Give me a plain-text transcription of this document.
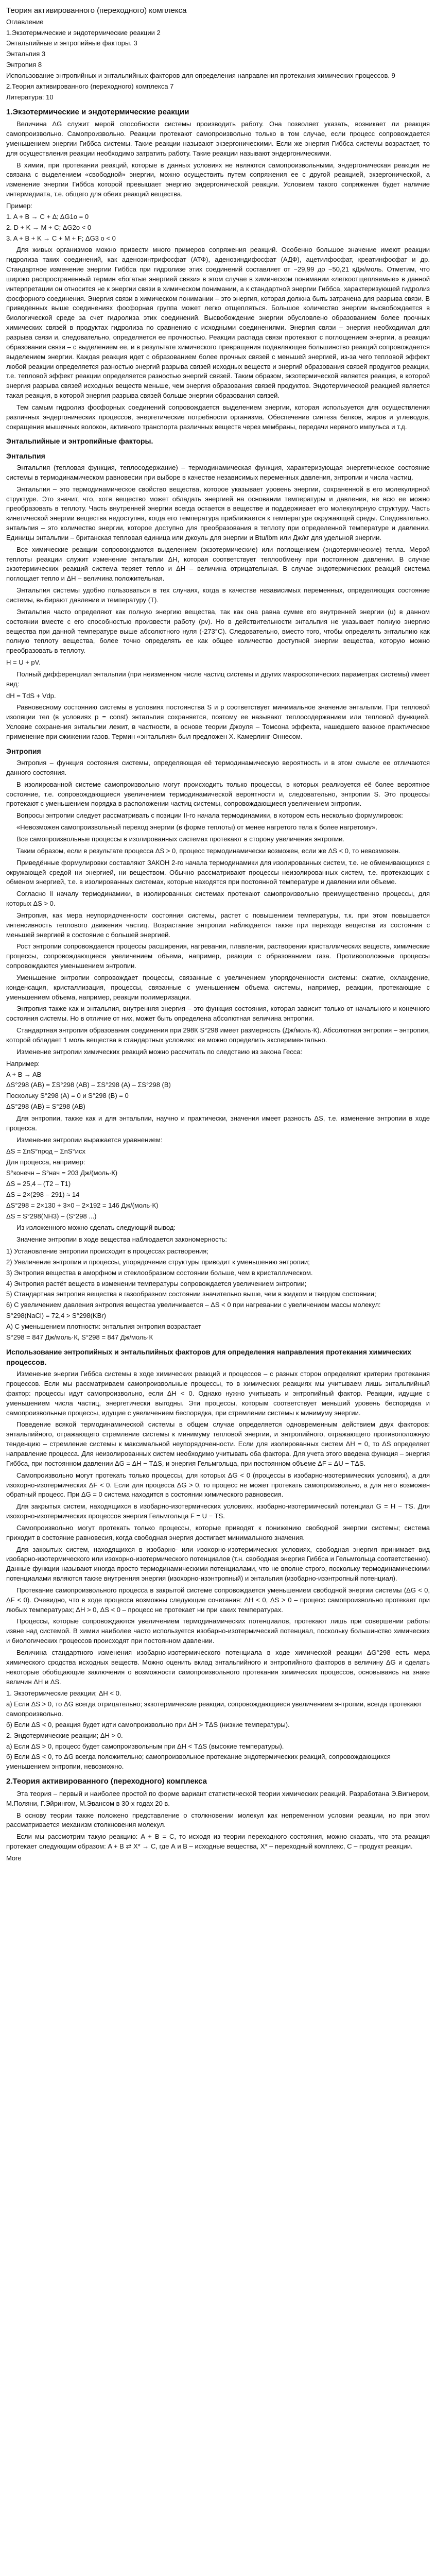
Теория активированного (переходного) комплекса
Оглавление
1.Экзотермические и эндотермические реакции 2
Энтальпийные и энтропийные факторы. 3
Энтальпия 3
Энтропия 8
Использование энтропийных и энтальпийных факторов для определения направления протекания химических процессов. 9
2.Теория активированного (переходного) комплекса 7
Литература: 10
1.Экзотермические и эндотермические реакции

Величина ΔG служит мерой способности системы производить работу. Она позволяет указать, возникает ли реакция самопроизвольно. Самопроизвольно. Реакции протекают самопроизвольно только в том случае, если процесс сопровождается уменьшением энергии Гиббса системы. Такие реакции называют экзергоническими. Если же энергия Гиббса системы возрастает, то для осуществления реакции необходимо затратить работу. Такие реакции называют эндергоническими.

В химии, при протекании реакций, которые в данных условиях не являются самопроизвольными, эндергоническая реакция не связана с выделением «свободной» энергии, можно осуществить путем сопряжения ее с другой реакцией, экзергонической, а изменение энергии Гиббса которой превышает энергию эндергонической реакции. Условием такого сопряжения будет наличие интермедиата, т.е. общего для обеих реакций вещества.

Пример:
1. A + B → C + Δ; ΔG1o = 0
2. D + K → M + C; ΔG2o < 0
3. A + B + K → C + M + F; ΔG3 o < 0

Для живых организмов можно привести много примеров сопряжения реакций. Особенно большое значение имеют реакции гидролиза таких соединений, как аденозинтрифосфат (АТФ), аденозиндифосфат (АДФ), ацетилфосфат, креатинфосфат и др. Стандартное изменение энергии Гиббса при гидролизе этих соединений составляет от −29,99 до −50,21 кДж/моль. Отметим, что широко распространенный термин «богатые энергией связи» в этом случае в химическом понимании «легкоотщепляемые» в данной интерпретации он относится не к энергии связи в химическом понимании, а к стандартной энергии Гиббса, характеризующей гидролиз фосфорного соединения. Энергия связи в химическом понимании – это энергия, которая должна быть затрачена для разрыва связи. В приведенных выше соединениях фосфорная группа может легко отщепляться. Большое количество энергии высвобождается в биологической среде за счет гидролиза этих соединений. Высвобождение энергии обусловлено образованием более прочных химических связей в продуктах гидролиза по сравнению с исходными соединениями. Энергия связи – энергия необходимая для разрыва связи и, следовательно, определяется ее прочностью. Реакции распада связи протекают с поглощением энергии, а реакции образования связи – с выделением ее, и в результате химического превращения подавляющее большинство реакций сопровождается выделением энергии. Каждая реакция идет с образованием более прочных связей с меньшей энергией, из-за чего тепловой эффект любой реакции определяется разностью энергий разрыва связей исходных веществ и энергий образования связей продуктов реакции, т.е. тепловой эффект реакции определяется разностью энергий связей. Таким образом, экзотермической является реакция, в которой энергия разрыва связей исходных веществ меньше, чем энергия образования связей продуктов. Эндотермической реакцией является такая реакция, в которой энергия разрыва связей больше энергии образования связей.

Тем самым гидролиз фосфорных соединений сопровождается выделением энергии, которая используется для осуществления различных эндергонических процессов, энергетические потребности организма. Обеспечение синтеза белков, жиров и углеводов, сокращения мышечных волокон, активного транспорта различных веществ через мембраны, передачи нервного импульса и т.д.

Энтальпийные и энтропийные факторы.
Энтальпия

Энтальпия (тепловая функция, теплосодержание) – термодинамическая функция, характеризующая энергетическое состояние системы в термодинамическом равновесии при выборе в качестве независимых переменных давления, энтропии и числа частиц.

Энтальпия – это термодинамическое свойство вещества, которое указывает уровень энергии, сохраненной в его молекулярной структуре. Это значит, что, хотя вещество может обладать энергией на основании температуры и давления, не всю ее можно преобразовать в теплоту. Часть внутренней энергии всегда остается в веществе и поддерживает его молекулярную структуру. Часть кинетической энергии вещества недоступна, когда его температура приближается к температуре окружающей среды. Следовательно, энтальпия – это количество энергии, которое доступно для преобразования в теплоту при определенной температуре и давлении. Единицы энтальпии – британская тепловая единица или джоуль для энергии и Btu/lbm или Дж/кг для удельной энергии.

Все химические реакции сопровождаются выделением (экзотермические) или поглощением (эндотермические) тепла. Мерой теплоты реакции служит изменение энтальпии ΔН, которая соответствует теплообмену при постоянном давлении. В случае экзотермических реакций система теряет тепло и ΔН – величина отрицательная. В случае эндотермических реакций система поглощает тепло и ΔН – величина положительная.

Энтальпия системы удобно пользоваться в тех случаях, когда в качестве независимых переменных, определяющих состояние системы, выбирают давление и температуру (Т).

Энтальпия часто определяют как полную энергию вещества, так как она равна сумме его внутренней энергии (u) в данном состоянии вместе с его способностью произвести работу (pv). Но в действительности энтальпия не указывает полную энергию вещества при данной температуре выше абсолютного нуля (-273°С). Следовательно, вместо того, чтобы определять энтальпию как полную теплоту вещества, более точно определять ее как общее количество доступной энергии вещества, которую можно преобразовать в теплоту.

H = U + pV.

Полный дифференциал энтальпии (при неизменном числе частиц системы и других макроскопических параметрах системы) имеет вид:

dH = TdS + Vdp.

Равновесному состоянию системы в условиях постоянства S и р соответствует минимальное значение энтальпии. При тепловой изоляции тел (в условиях р = const) энтальпия сохраняется, поэтому ее называют теплосодержанием или тепловой функцией. Условие сохранения энтальпии лежит, в частности, в основе теории Джоуля – Томсона эффекта, нашедшего важное практическое применение при сжижении газов. Термин «энтальпия» был предложен Х. Камерлинг-Оннесом.

Энтропия

Энтропия – функция состояния системы, определяющая её термодинамическую вероятность и в этом смысле ее отличаются данного состояния.

В изолированной системе самопроизвольно могут происходить только процессы, в которых реализуется её более вероятное состояние, т.е. сопровождающиеся увеличением термодинамической вероятности и, следовательно, энтропии S. Это процессы протекают с уменьшением порядка в расположении частиц системы, сопровождающиеся увеличением энтропии.

Вопросы энтропии следует рассматривать с позиции II-го начала термодинамики, в котором есть несколько формулировок:

«Невозможен самопроизвольный переход энергии (в форме теплоты) от менее нагретого тела к более нагретому».

Все самопроизвольные процессы в изолированных системах протекают в сторону увеличения энтропии.

Таким образом, если в результате процесса ΔS > 0, процесс термодинамически возможен, если же ΔS < 0, то невозможен.

Приведённые формулировки составляют ЗАКОН 2-го начала термодинамики для изолированных систем, т.е. не обменивающихся с окружающей средой ни энергией, ни веществом. Обычно рассматривают процессы неизолированных систем, т.е. протекающих с обменом энергией, т.е. в изолированных системах, которые находятся при постоянной температуре и давлении или объеме.

Согласно II началу термодинамики, в изолированных системах протекают самопроизвольно преимущественно процессы, для которых ΔS > 0.

Энтропия, как мера неупорядоченности состояния системы, растет с повышением температуры, т.к. при этом повышается интенсивность теплового движения частиц. Возрастание энтропии наблюдается также при переходе вещества из состояния с меньшей энергией в состояние с большей энергией.

Рост энтропии сопровождается процессы расширения, нагревания, плавления, растворения кристаллических веществ, химические процессы, сопровождающиеся увеличением объема, например, реакции с образованием газа. Противоположные процессы сопровождаются уменьшением энтропии.

Уменьшение энтропии сопровождает процессы, связанные с увеличением упорядоченности системы: сжатие, охлаждение, конденсация, кристаллизация, процессы, связанные с уменьшением объема системы, например, реакции, протекающие с уменьшением объема, например, реакции полимеризации.

Энтропия также как и энтальпия, внутренняя энергия – это функция состояния, которая зависит только от начального и конечного состояния системы. Но в отличие от них, может быть определена абсолютная величина энтропии.

Стандартная энтропия образования соединения при 298К S°298 имеет размерность (Дж/моль·К). Абсолютная энтропия – энтропия, которой обладает 1 моль вещества в стандартных условиях: ее можно определить экспериментально.

Изменение энтропии химических реакций можно рассчитать по следствию из закона Гесса:

Например:
A + B → AB
ΔS°298 (AB) = ΣS°298 (AB) – ΣS°298 (A) – ΣS°298 (B)
Поскольку S°298 (А) = 0 и S°298 (В) = 0
ΔS°298 (AB) = S°298 (AB)

Для энтропии, также как и для энтальпии, научно и практически, значения имеет разность ΔS, т.е. изменение энтропии в ходе процесса.

Изменение энтропии выражается уравнением:

ΔS = ΣnS°прод – ΣnS°исх
Для процесса, например:
S°конечн – S°нач = 203 Дж/(моль·К)
ΔS = 25,4 – (T2 – T1)
ΔS = 2×(298 – 291) ≈ 14
ΔS°298 = 2×130 + 3×0 – 2×192 = 146 Дж/(моль·К)
ΔS = S°298(NH3) – (S°298 ...)

Из изложенного можно сделать следующий вывод:

Значение энтропии в ходе вещества наблюдается закономерность:

1) Установление энтропии происходит в процессах растворения;
2) Увеличение энтропии и процессы, упорядочение структуры приводит к уменьшению энтропии;
3) Энтропия вещества в аморфном и стеклообразном состоянии больше, чем в кристаллическом.
4) Энтропия растёт веществ в изменении температуры сопровождается увеличением энтропии;
5) Стандартная энтропия вещества в газообразном состоянии значительно выше, чем в жидком и твердом состоянии;
6) С увеличением давления энтропия вещества увеличивается – ΔS < 0 при нагревании с увеличением массы молекул:
S°298(NaCl) = 72,4 > S°298(KBr)
А) С уменьшением плотности: энтальпия энтропия возрастает
S°298 = 847 Дж/моль·К, S°298 = 847 Дж/моль·К
Использование энтропийных и энтальпийных факторов для определения направления протекания химических процессов.

Изменение энергии Гиббса системы в ходе химических реакций и процессов – с разных сторон определяют критерии протекания процессов. Если мы рассматриваем самопроизвольные процессы, то в химических реакциях мы учитываем лишь энтальпийный фактор: процессы идут самопроизвольно, если ΔН < 0. Однако нужно учитывать и энтропийный фактор. Реакции, идущие с уменьшением числа частиц, энергетически выгодны. Эти процессы, которым соответствует меньший уровень беспорядка и самопроизвольные процессы, идущие с увеличением беспорядка, при стремлении системы к минимуму энергии.

Поведение всякой термодинамической системы в общем случае определяется одновременным действием двух факторов: энтальпийного, отражающего стремление системы к минимуму тепловой энергии, и энтропийного, отражающего противоположную тенденцию – стремление системы к максимальной неупорядоченности. Если для изолированных систем ΔН = 0, то ΔS определяет направление процесса. Для неизолированных систем необходимо учитывать оба фактора. Для учета этого введена функция – энергия Гиббса, при постоянном давлении ΔG = ΔН − TΔS, и энергия Гельмгольца, при постоянном объеме ΔF = ΔU − TΔS.

Самопроизвольно могут протекать только процессы, для которых ΔG < 0 (процессы в изобарно-изотермических условиях), а для изохорно-изотермических ΔF < 0. Если для процесса ΔG > 0, то процесс не может протекать самопроизвольно, а для него возможен обратный процесс. При ΔG = 0 система находится в состоянии химического равновесия.

Для закрытых систем, находящихся в изобарно-изотермических условиях, изобарно-изотермический потенциал G = H − TS. Для изохорно-изотермических процессов энергия Гельмгольца F = U − TS.

Самопроизвольно могут протекать только процессы, которые приводят к понижению свободной энергии системы; система приходит в состояние равновесия, когда свободная энергия достигает минимального значения.

Для закрытых систем, находящихся в изобарно- или изохорно-изотермических условиях, свободная энергия принимает вид изобарно-изотермического или изохорно-изотермического потенциалов (т.н. свободная энергия Гиббса и Гельмгольца соответственно). Данные функции называют иногда просто термодинамическими потенциалами, что не вполне строго, поскольку термодинамическими потенциалами являются также внутренняя энергия (изохорно-изэнтропный) и энтальпия (изобарно-изэнтропный потенциал).

Протекание самопроизвольного процесса в закрытой системе сопровождается уменьшением свободной энергии системы (ΔG < 0, ΔF < 0). Очевидно, что в ходе процесса возможны следующие сочетания: ΔН < 0, ΔS > 0 – процесс самопроизвольно протекает при любых температурах; ΔН > 0, ΔS < 0 – процесс не протекает ни при каких температурах.

Процессы, которые сопровождаются увеличением термодинамических потенциалов, протекают лишь при совершении работы извне над системой. В химии наиболее часто используется изобарно-изотермический потенциал, поскольку большинство химических и биологических процессов происходят при постоянном давлении.

Величина стандартного изменения изобарно-изотермического потенциала в ходе химической реакции ΔG°298 есть мера химического сродства исходных веществ. Можно оценить вклад энтальпийного и энтропийного факторов в величину ΔG и сделать некоторые обобщающие заключения о возможности самопроизвольного протекания химических процессов, основываясь на знаке величин ΔН и ΔS.

1. Экзотермические реакции; ΔН < 0.
а) Если ΔS > 0, то ΔG всегда отрицательно; экзотермические реакции, сопровождающиеся увеличением энтропии, всегда протекают самопроизвольно.
б) Если ΔS < 0, реакция будет идти самопроизвольно при ΔН > TΔS (низкие температуры).
2. Эндотермические реакции; ΔН > 0.
а) Если ΔS > 0, процесс будет самопроизвольным при ΔН < TΔS (высокие температуры).
б) Если ΔS < 0, то ΔG всегда положительно; самопроизвольное протекание эндотермических реакций, сопровождающихся уменьшением энтропии, невозможно.
2.Теория активированного (переходного) комплекса

Эта теория – первый и наиболее простой по форме вариант статистической теории химических реакций. Разработана Э.Вигнером, М.Поляни, Г.Эйрингом, М.Эвансом в 30-х годах 20 в.

В основу теории также положено представление о столкновении молекул как непременном условии реакции, но при этом рассматривается механизм столкновения молекул.

Если мы рассмотрим такую реакцию: A + B = C, то исходя из теории переходного состояния, можно сказать, что эта реакция протекает следующим образом: A + B ⇄ X* → C, где А и В – исходные вещества, X* – переходный комплекс, С – продукт реакции.

More
